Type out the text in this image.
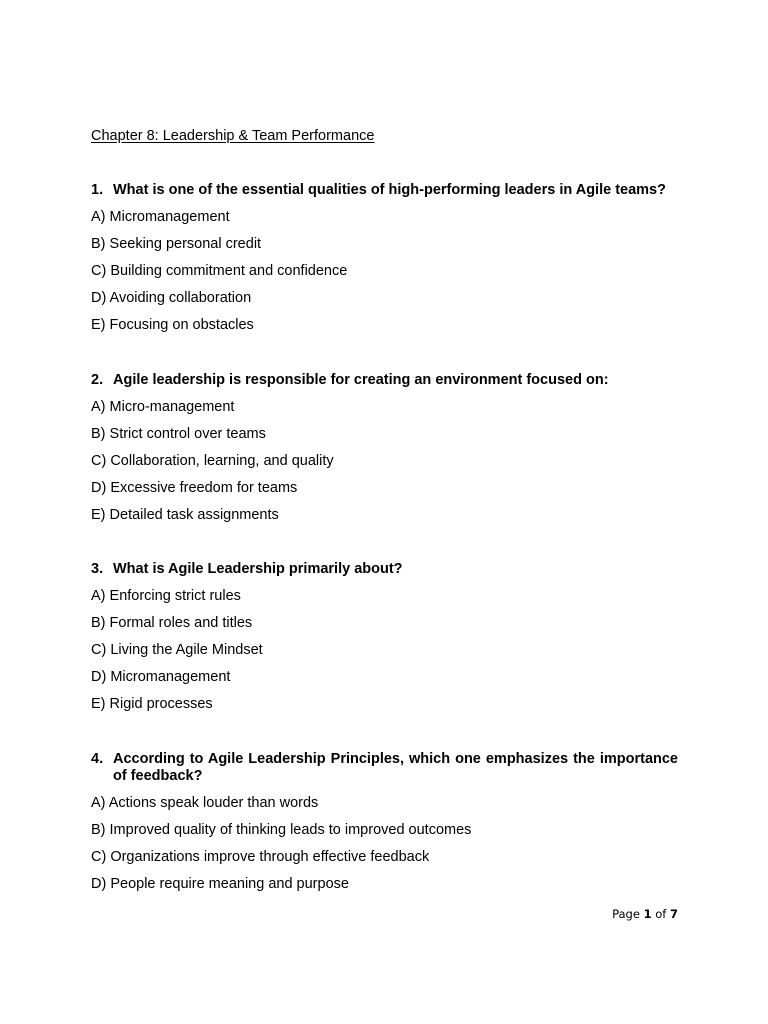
Chapter 8: Leadership & Team Performance
1. What is one of the essential qualities of high-performing leaders in Agile teams?
A) Micromanagement
B) Seeking personal credit
C) Building commitment and confidence
D) Avoiding collaboration
E) Focusing on obstacles
2. Agile leadership is responsible for creating an environment focused on:
A) Micro-management
B) Strict control over teams
C) Collaboration, learning, and quality
D) Excessive freedom for teams
E) Detailed task assignments
3. What is Agile Leadership primarily about?
A) Enforcing strict rules
B) Formal roles and titles
C) Living the Agile Mindset
D) Micromanagement
E) Rigid processes
4. According to Agile Leadership Principles, which one emphasizes the importance of feedback?
A) Actions speak louder than words
B) Improved quality of thinking leads to improved outcomes
C) Organizations improve through effective feedback
D) People require meaning and purpose
Page 1 of 7
